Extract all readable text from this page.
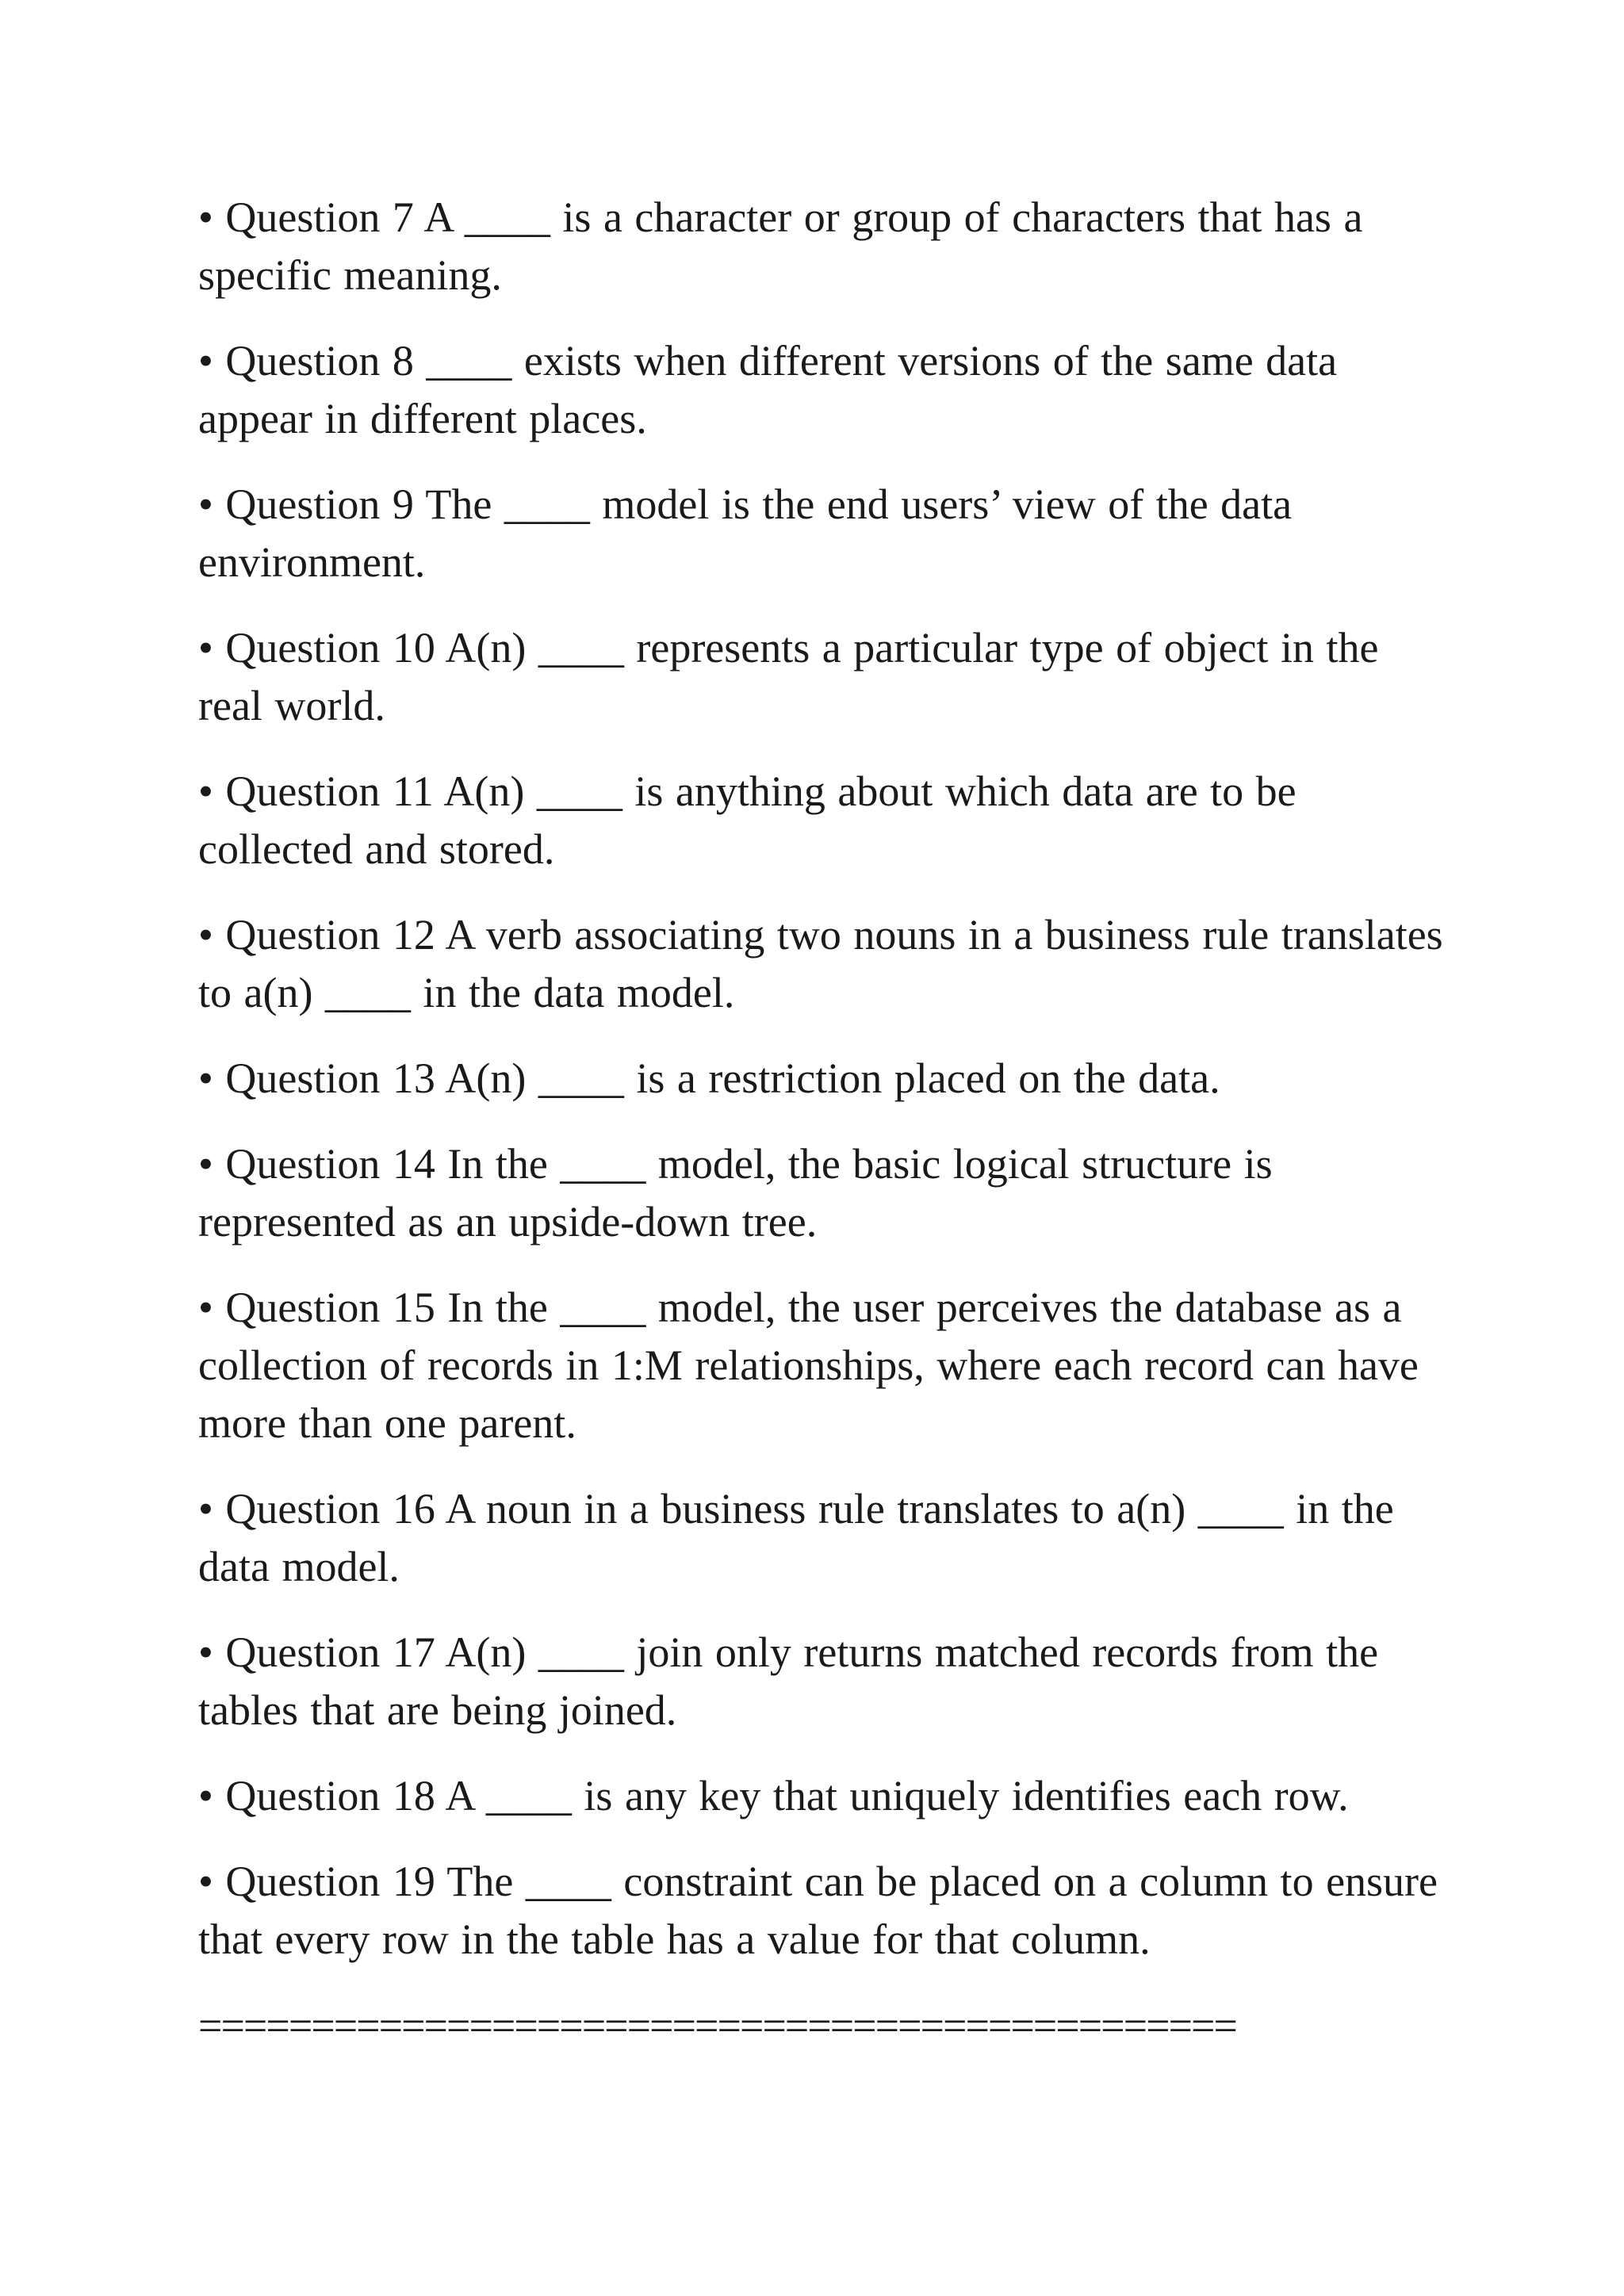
• Question 7 A ____ is a character or group of characters that has a specific meaning.

• Question 8 ____ exists when different versions of the same data appear in different places.

• Question 9 The ____ model is the end users’ view of the data environment.

• Question 10 A(n) ____ represents a particular type of object in the real world.

• Question 11 A(n) ____ is anything about which data are to be collected and stored.

• Question 12 A verb associating two nouns in a business rule translates to a(n) ____ in the data model.

• Question 13 A(n) ____ is a restriction placed on the data.

• Question 14 In the ____ model, the basic logical structure is represented as an upside-down tree.

• Question 15 In the ____ model, the user perceives the database as a collection of records in 1:M relationships, where each record can have more than one parent.

• Question 16 A noun in a business rule translates to a(n) ____ in the data model.

• Question 17 A(n) ____ join only returns matched records from the tables that are being joined.

• Question 18 A ____ is any key that uniquely identifies each row.

• Question 19 The ____ constraint can be placed on a column to ensure that every row in the table has a value for that column.

==============================================
